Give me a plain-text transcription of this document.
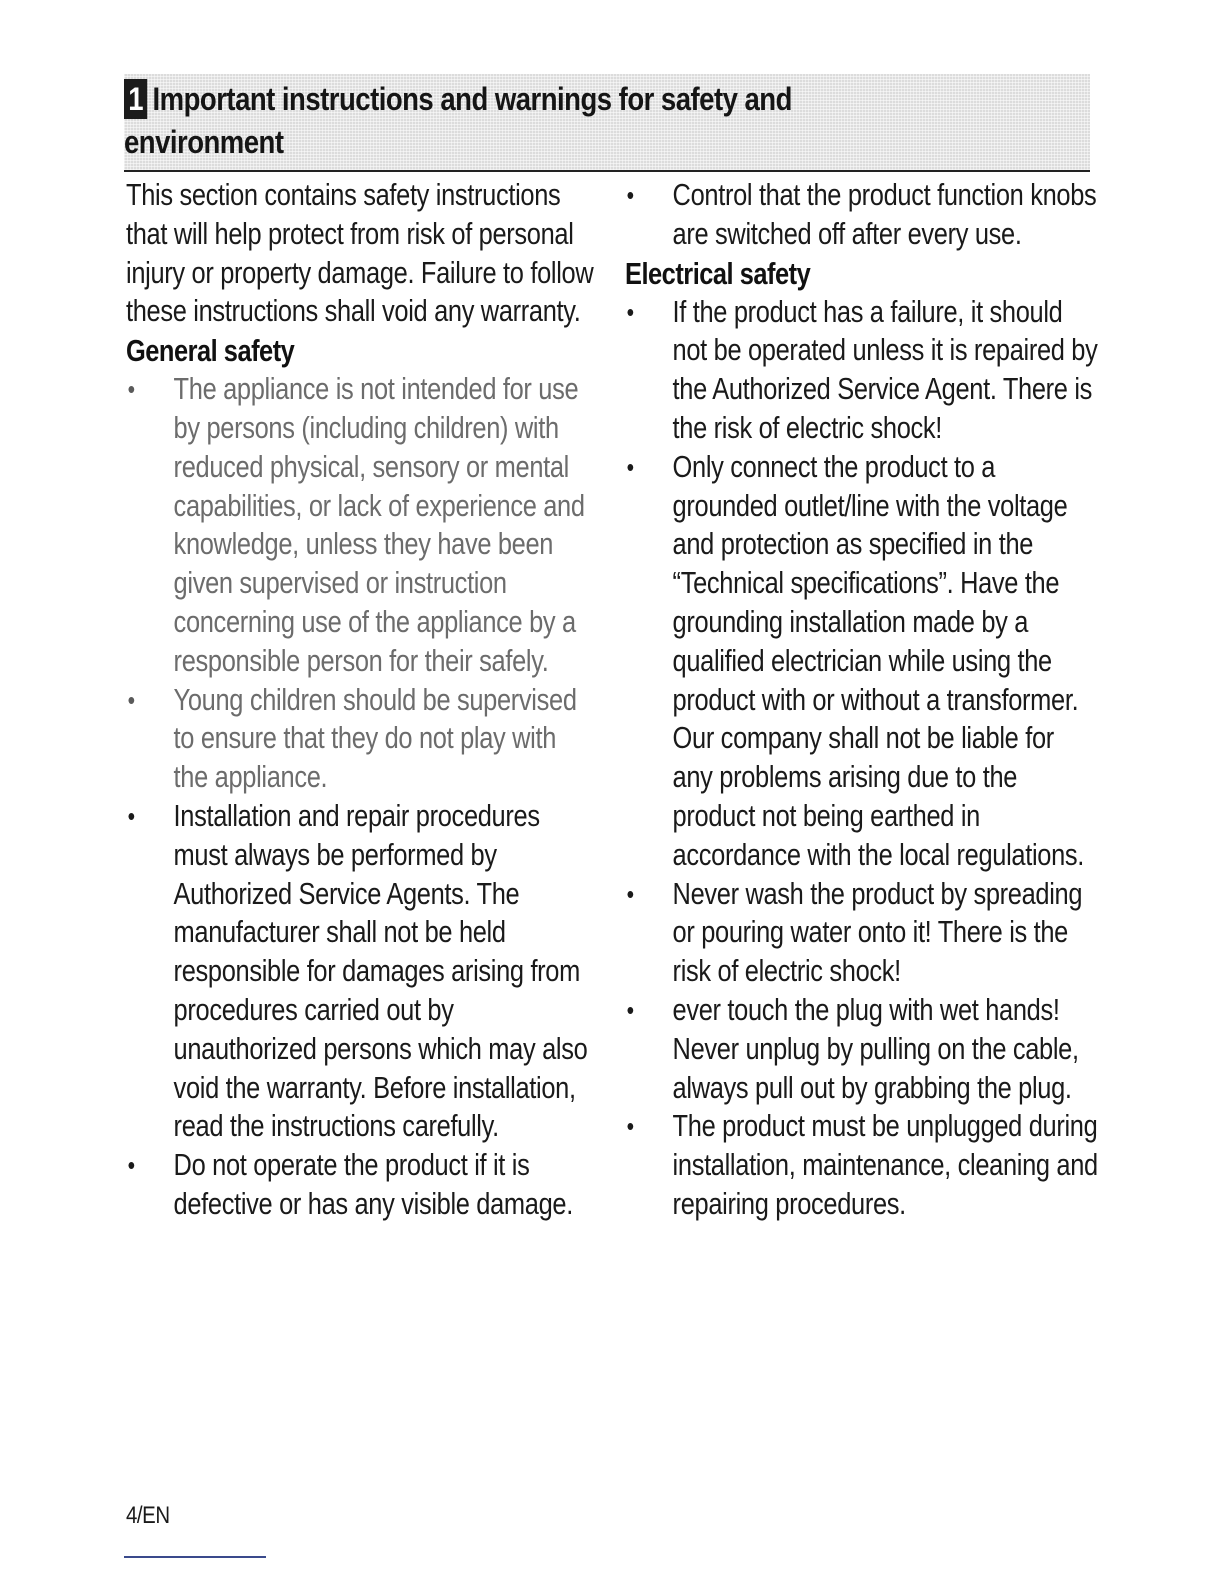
1 Important instructions and warnings for safety and
environment

This section contains safety instructions that will help protect from risk of personal injury or property damage. Failure to follow these instructions shall void any warranty.

General safety
• The appliance is not intended for use by persons (including children) with reduced physical, sensory or mental capabilities, or lack of experience and knowledge, unless they have been given supervised or instruction concerning use of the appliance by a responsible person for their safely.
• Young children should be supervised to ensure that they do not play with the appliance.
• Installation and repair procedures must always be performed by Authorized Service Agents. The manufacturer shall not be held responsible for damages arising from procedures carried out by unauthorized persons which may also void the warranty. Before installation, read the instructions carefully.
• Do not operate the product if it is defective or has any visible damage.
• Control that the product function knobs are switched off after every use.
Electrical safety
• If the product has a failure, it should not be operated unless it is repaired by the Authorized Service Agent. There is the risk of electric shock!
• Only connect the product to a grounded outlet/line with the voltage and protection as specified in the “Technical specifications”. Have the grounding installation made by a qualified electrician while using the product with or without a transformer. Our company shall not be liable for any problems arising due to the product not being earthed in accordance with the local regulations.
• Never wash the product by spreading or pouring water onto it! There is the risk of electric shock!
• ever touch the plug with wet hands! Never unplug by pulling on the cable, always pull out by grabbing the plug.
• The product must be unplugged during installation, maintenance, cleaning and repairing procedures.
4/EN
